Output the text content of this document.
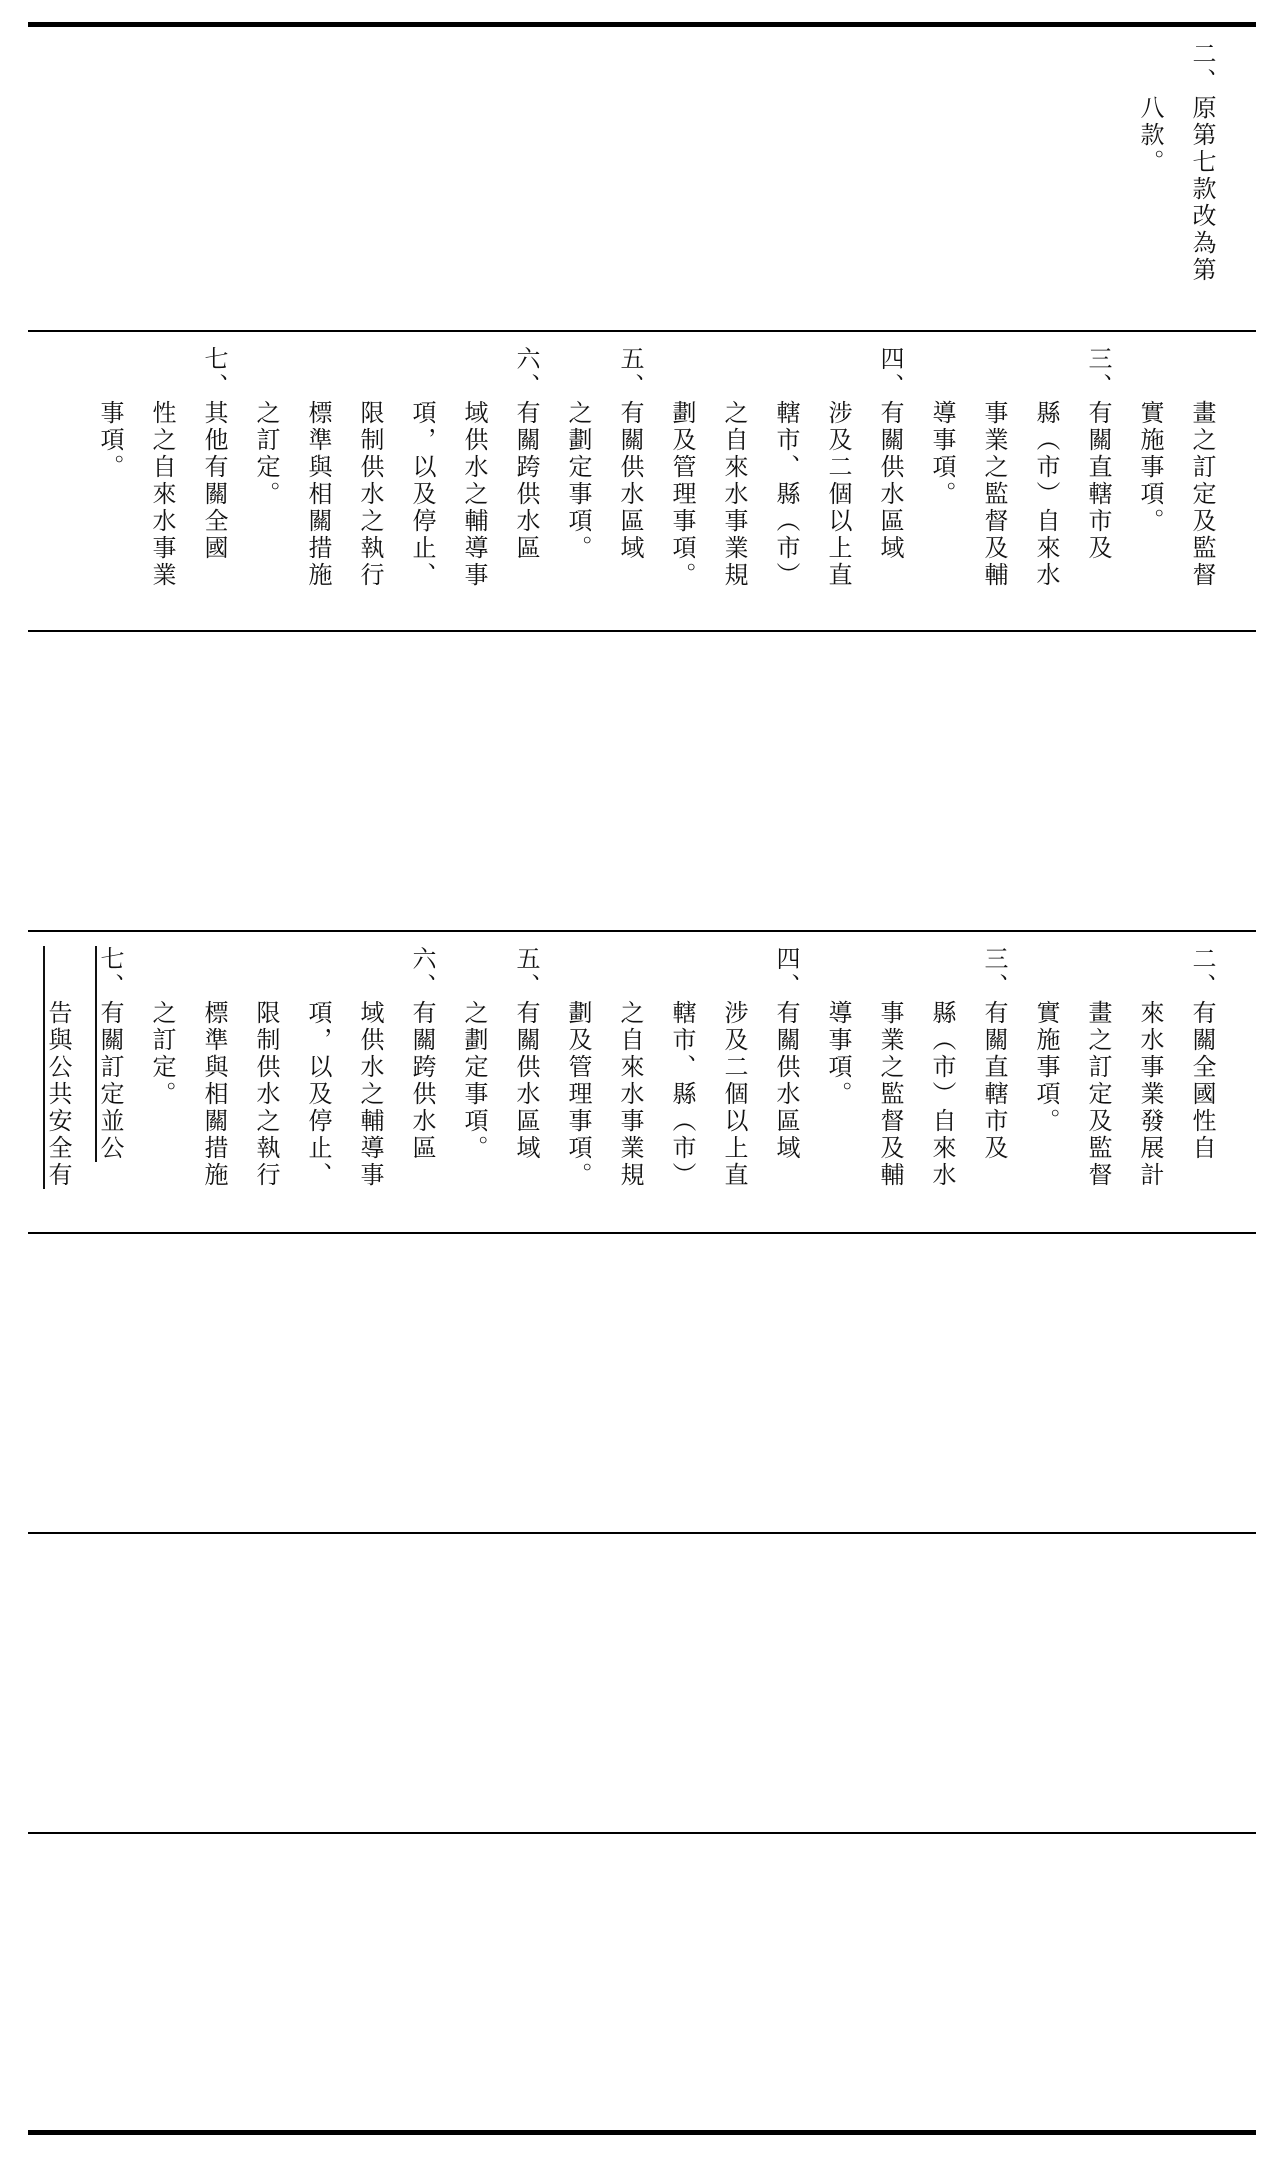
二、原第七款改為第

　　八款。

　　畫之訂定及監督

　　實施事項。

三、有關直轄市及

　　縣（市）自來水

　　事業之監督及輔

　　導事項。

四、有關供水區域

　　涉及二個以上直

　　轄市、縣（市）

　　之自來水事業規

　　劃及管理事項。

五、有關供水區域

　　之劃定事項。

六、有關跨供水區

　　域供水之輔導事

　　項，以及停止、

　　限制供水之執行

　　標準與相關措施

　　之訂定。

七、其他有關全國

　　性之自來水事業

　　事項。

二、有關全國性自

　　來水事業發展計

　　畫之訂定及監督

　　實施事項。

三、有關直轄市及

　　縣（市）自來水

　　事業之監督及輔

　　導事項。

四、有關供水區域

　　涉及二個以上直

　　轄市、縣（市）

　　之自來水事業規

　　劃及管理事項。

五、有關供水區域

　　之劃定事項。

六、有關跨供水區

　　域供水之輔導事

　　項，以及停止、

　　限制供水之執行

　　標準與相關措施

　　之訂定。

七、有關訂定並公

　　告與公共安全有
